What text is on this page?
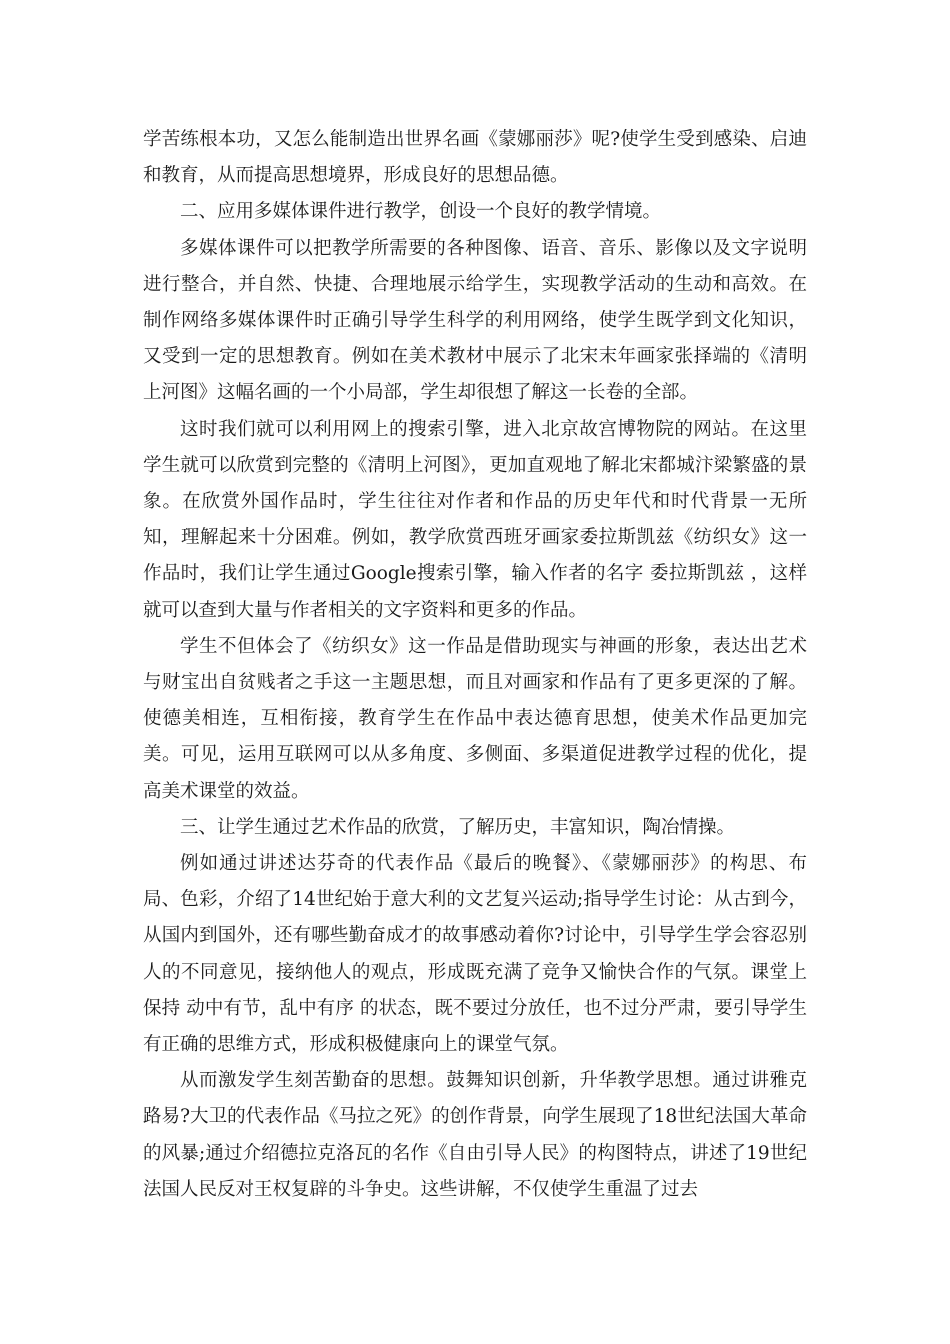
学苦练根本功，又怎么能制造出世界名画《蒙娜丽莎》呢?使学生受到感染、启迪和教育，从而提高思想境界，形成良好的思想品德。

二、应用多媒体课件进行教学，创设一个良好的教学情境。

多媒体课件可以把教学所需要的各种图像、语音、音乐、影像以及文字说明进行整合，并自然、快捷、合理地展示给学生，实现教学活动的生动和高效。在制作网络多媒体课件时正确引导学生科学的利用网络，使学生既学到文化知识，又受到一定的思想教育。例如在美术教材中展示了北宋末年画家张择端的《清明上河图》这幅名画的一个小局部，学生却很想了解这一长卷的全部。

这时我们就可以利用网上的搜索引擎，进入北京故宫博物院的网站。在这里学生就可以欣赏到完整的《清明上河图》，更加直观地了解北宋都城汴梁繁盛的景象。在欣赏外国作品时，学生往往对作者和作品的历史年代和时代背景一无所知，理解起来十分困难。例如，教学欣赏西班牙画家委拉斯凯兹《纺织女》这一作品时，我们让学生通过Google搜索引擎，输入作者的名字 委拉斯凯兹 ，这样就可以查到大量与作者相关的文字资料和更多的作品。

学生不但体会了《纺织女》这一作品是借助现实与神画的形象，表达出艺术与财宝出自贫贱者之手这一主题思想，而且对画家和作品有了更多更深的了解。使德美相连，互相衔接，教育学生在作品中表达德育思想，使美术作品更加完美。可见，运用互联网可以从多角度、多侧面、多渠道促进教学过程的优化，提高美术课堂的效益。

三、让学生通过艺术作品的欣赏，了解历史，丰富知识，陶冶情操。

例如通过讲述达芬奇的代表作品《最后的晚餐》、《蒙娜丽莎》的构思、布局、色彩，介绍了14世纪始于意大利的文艺复兴运动;指导学生讨论：从古到今，从国内到国外，还有哪些勤奋成才的故事感动着你?讨论中，引导学生学会容忍别人的不同意见，接纳他人的观点，形成既充满了竞争又愉快合作的气氛。课堂上保持 动中有节，乱中有序 的状态，既不要过分放任，也不过分严肃，要引导学生有正确的思维方式，形成积极健康向上的课堂气氛。

从而激发学生刻苦勤奋的思想。鼓舞知识创新，升华教学思想。通过讲雅克路易?大卫的代表作品《马拉之死》的创作背景，向学生展现了18世纪法国大革命的风暴;通过介绍德拉克洛瓦的名作《自由引导人民》的构图特点，讲述了19世纪法国人民反对王权复辟的斗争史。这些讲解，不仅使学生重温了过去
